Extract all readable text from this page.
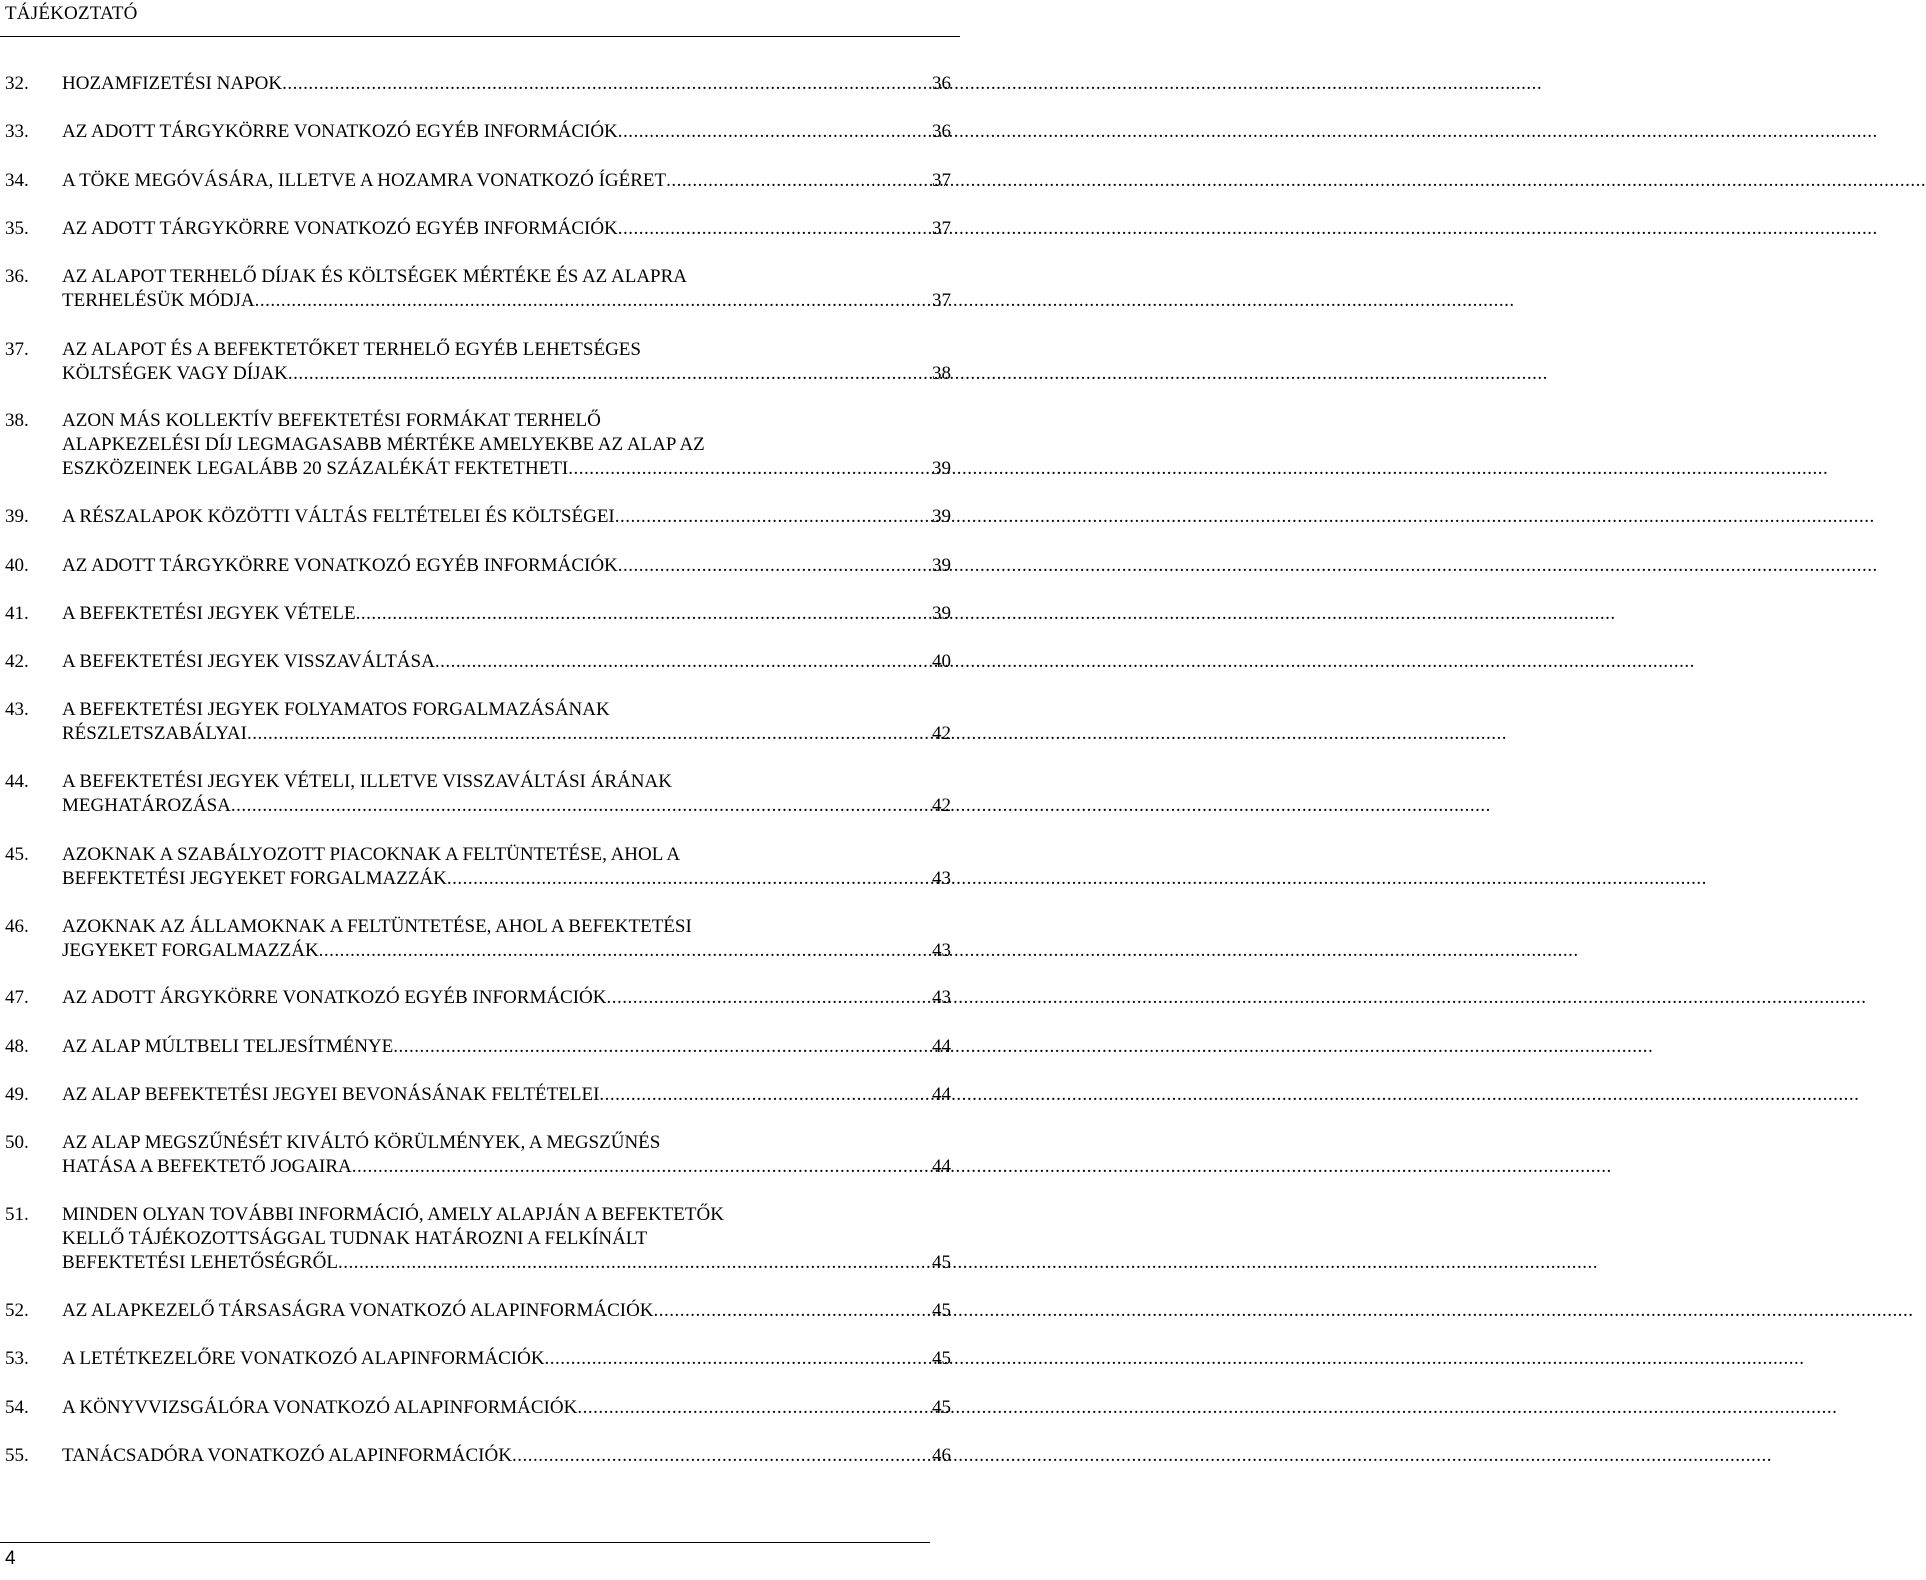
TÁJÉKOZTATÓ
32. HOZAMFIZETÉSI NAPOK .....	36
33. AZ ADOTT TÁRGYKÖRRE VONATKOZÓ EGYÉB INFORMÁCIÓK .....	36
34. A TÖKE MEGÓVÁSÁRA, ILLETVE A HOZAMRA VONATKOZÓ ÍGÉRET .....	37
35. AZ ADOTT TÁRGYKÖRRE VONATKOZÓ EGYÉB INFORMÁCIÓK .....	37
36. AZ ALAPOT TERHELŐ DÍJAK ÉS KÖLTSÉGEK MÉRTÉKE ÉS AZ ALAPRA
TERHELÉSÜK MÓDJA .....	37
37. AZ ALAPOT ÉS A BEFEKTETŐKET TERHELŐ EGYÉB LEHETSÉGES
KÖLTSÉGEK VAGY DÍJAK .....	38
38. AZON MÁS KOLLEKTÍV BEFEKTETÉSI FORMÁKAT TERHELŐ
ALAPKEZELÉSI DÍJ LEGMAGASABB MÉRTÉKE AMELYEKBE AZ ALAP AZ
ESZKÖZEINEK LEGALÁBB 20 SZÁZALÉKÁT FEKTETHETI .....	39
39. A RÉSZALAPOK KÖZÖTTI VÁLTÁS FELTÉTELEI ÉS KÖLTSÉGEI .....	39
40. AZ ADOTT TÁRGYKÖRRE VONATKOZÓ EGYÉB INFORMÁCIÓK .....	39
41. A BEFEKTETÉSI JEGYEK VÉTELE .....	39
42. A BEFEKTETÉSI JEGYEK VISSZAVÁLTÁSA .....	40
43. A BEFEKTETÉSI JEGYEK FOLYAMATOS FORGALMAZÁSÁNAK
RÉSZLETSZABÁLYAI .....	42
44. A BEFEKTETÉSI JEGYEK VÉTELI, ILLETVE VISSZAVÁLTÁSI ÁRÁNAK
MEGHATÁROZÁSA .....	42
45. AZOKNAK A SZABÁLYOZOTT PIACOKNAK A FELTÜNTETÉSE, AHOL A
BEFEKTETÉSI JEGYEKET FORGALMAZZÁK .....	43
46. AZOKNAK AZ ÁLLAMOKNAK A FELTÜNTETÉSE, AHOL A BEFEKTETÉSI
JEGYEKET FORGALMAZZÁK .....	43
47. AZ ADOTT ÁRGYKÖRRE VONATKOZÓ EGYÉB INFORMÁCIÓK .....	43
48. AZ ALAP MÚLTBELI TELJESÍTMÉNYE .....	44
49. AZ ALAP BEFEKTETÉSI JEGYEI BEVONÁSÁNAK FELTÉTELEI .....	44
50. AZ ALAP MEGSZŰNÉSÉT KIVÁLTÓ KÖRÜLMÉNYEK, A MEGSZŰNÉS
HATÁSA A BEFEKTETŐ JOGAIRA .....	44
51. MINDEN OLYAN TOVÁBBI INFORMÁCIÓ, AMELY ALAPJÁN A BEFEKTETŐK
KELLŐ TÁJÉKOZOTTSÁGGAL TUDNAK HATÁROZNI A FELKÍNÁLT
BEFEKTETÉSI LEHETŐSÉGRŐL .....	45
52. AZ ALAPKEZELŐ TÁRSASÁGRA VONATKOZÓ ALAPINFORMÁCIÓK .....	45
53. A LETÉTKEZELŐRE VONATKOZÓ ALAPINFORMÁCIÓK .....	45
54. A KÖNYVVIZSGÁLÓRA VONATKOZÓ ALAPINFORMÁCIÓK .....	45
55. TANÁCSADÓRA VONATKOZÓ ALAPINFORMÁCIÓK .....	46
4
